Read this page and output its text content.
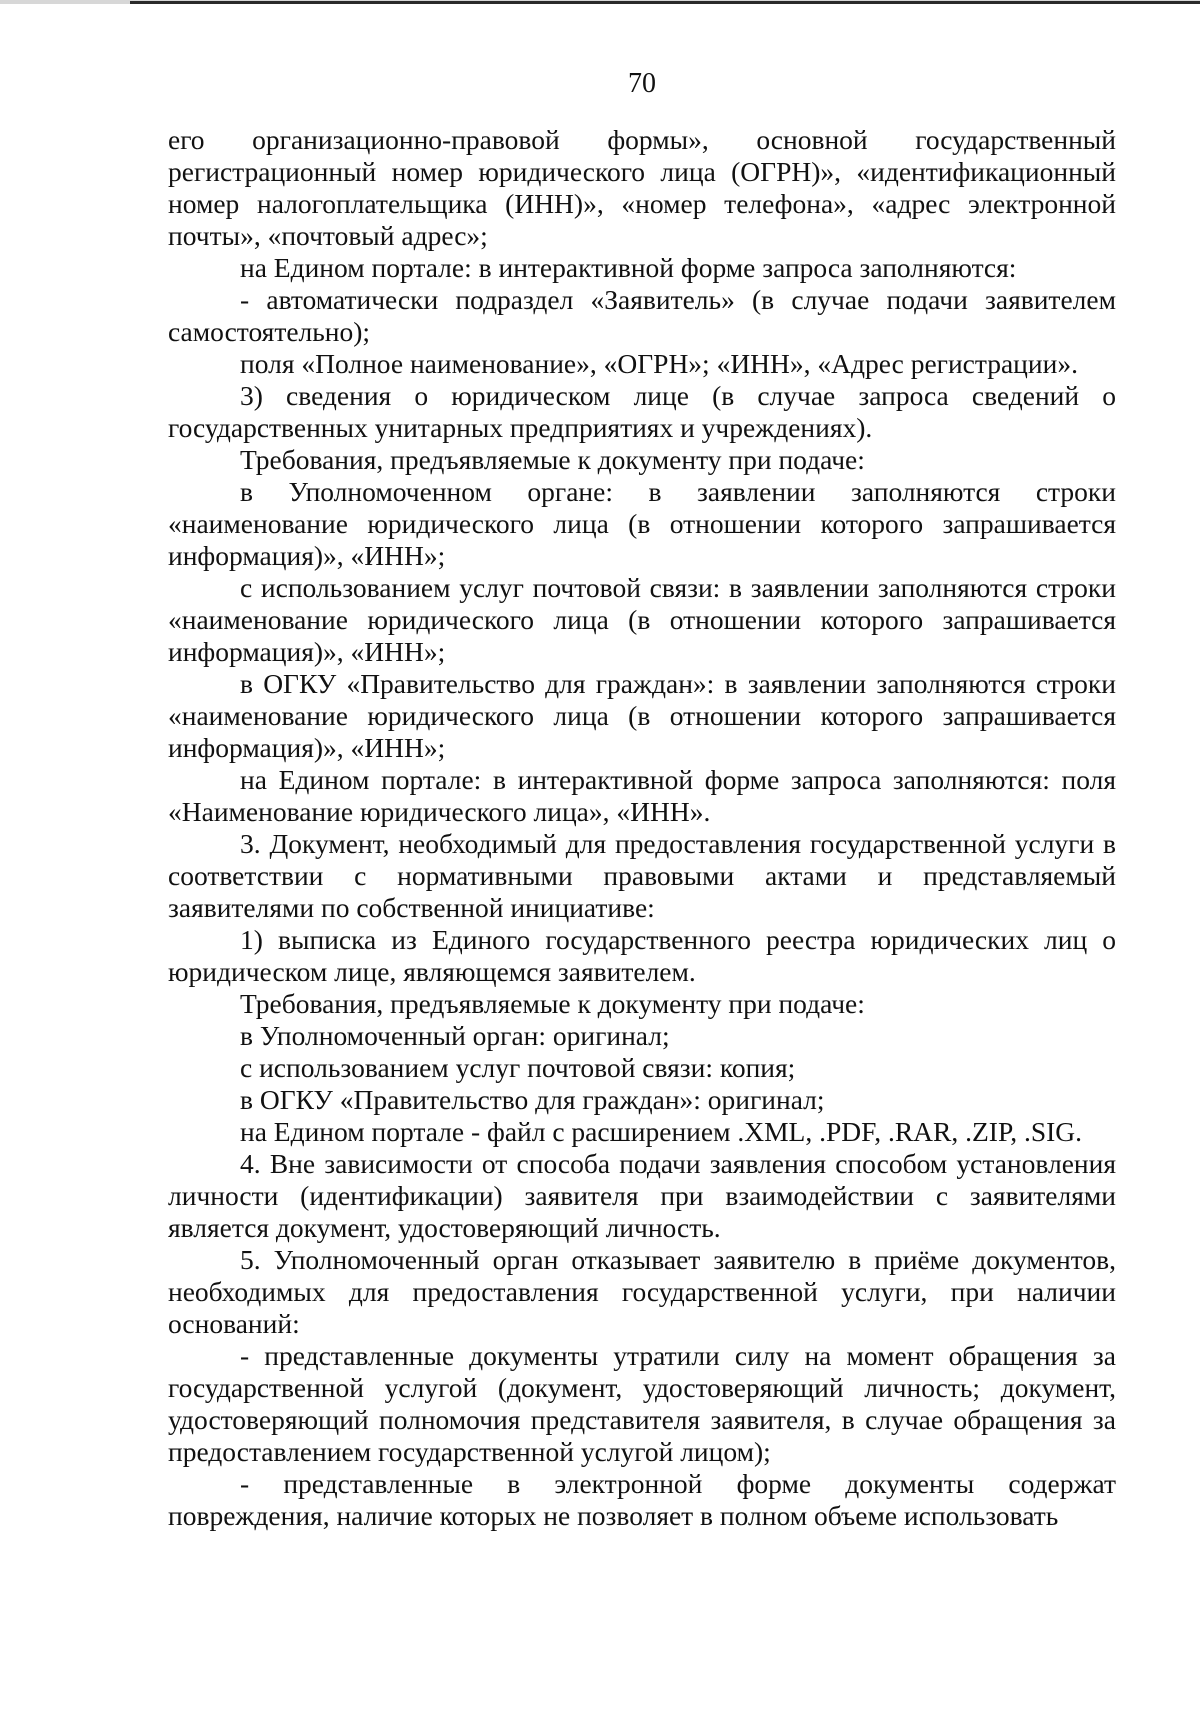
70

его организационно-правовой формы», основной государственный регистрационный номер юридического лица (ОГРН)», «идентификационный номер налогоплательщика (ИНН)», «номер телефона», «адрес электронной почты», «почтовый адрес»;

на Едином портале: в интерактивной форме запроса заполняются:

- автоматически подраздел «Заявитель» (в случае подачи заявителем самостоятельно);

поля «Полное наименование», «ОГРН»; «ИНН», «Адрес регистрации».

3) сведения о юридическом лице (в случае запроса сведений о государственных унитарных предприятиях и учреждениях).

Требования, предъявляемые к документу при подаче:

в Уполномоченном органе: в заявлении заполняются строки «наименование юридического лица (в отношении которого запрашивается информация)», «ИНН»;

с использованием услуг почтовой связи: в заявлении заполняются строки «наименование юридического лица (в отношении которого запрашивается информация)», «ИНН»;

в ОГКУ «Правительство для граждан»: в заявлении заполняются строки «наименование юридического лица (в отношении которого запрашивается информация)», «ИНН»;

на Едином портале: в интерактивной форме запроса заполняются: поля «Наименование юридического лица», «ИНН».

3. Документ, необходимый для предоставления государственной услуги в соответствии с нормативными правовыми актами и представляемый заявителями по собственной инициативе:

1) выписка из Единого государственного реестра юридических лиц о юридическом лице, являющемся заявителем.

Требования, предъявляемые к документу при подаче:

в Уполномоченный орган: оригинал;

с использованием услуг почтовой связи: копия;

в ОГКУ «Правительство для граждан»: оригинал;

на Едином портале - файл с расширением .XML, .PDF, .RAR, .ZIP, .SIG.

4. Вне зависимости от способа подачи заявления способом установления личности (идентификации) заявителя при взаимодействии с заявителями является документ, удостоверяющий личность.

5. Уполномоченный орган отказывает заявителю в приёме документов, необходимых для предоставления государственной услуги, при наличии оснований:

- представленные документы утратили силу на момент обращения за государственной услугой (документ, удостоверяющий личность; документ, удостоверяющий полномочия представителя заявителя, в случае обращения за предоставлением государственной услугой лицом);

- представленные в электронной форме документы содержат повреждения, наличие которых не позволяет в полном объеме использовать
